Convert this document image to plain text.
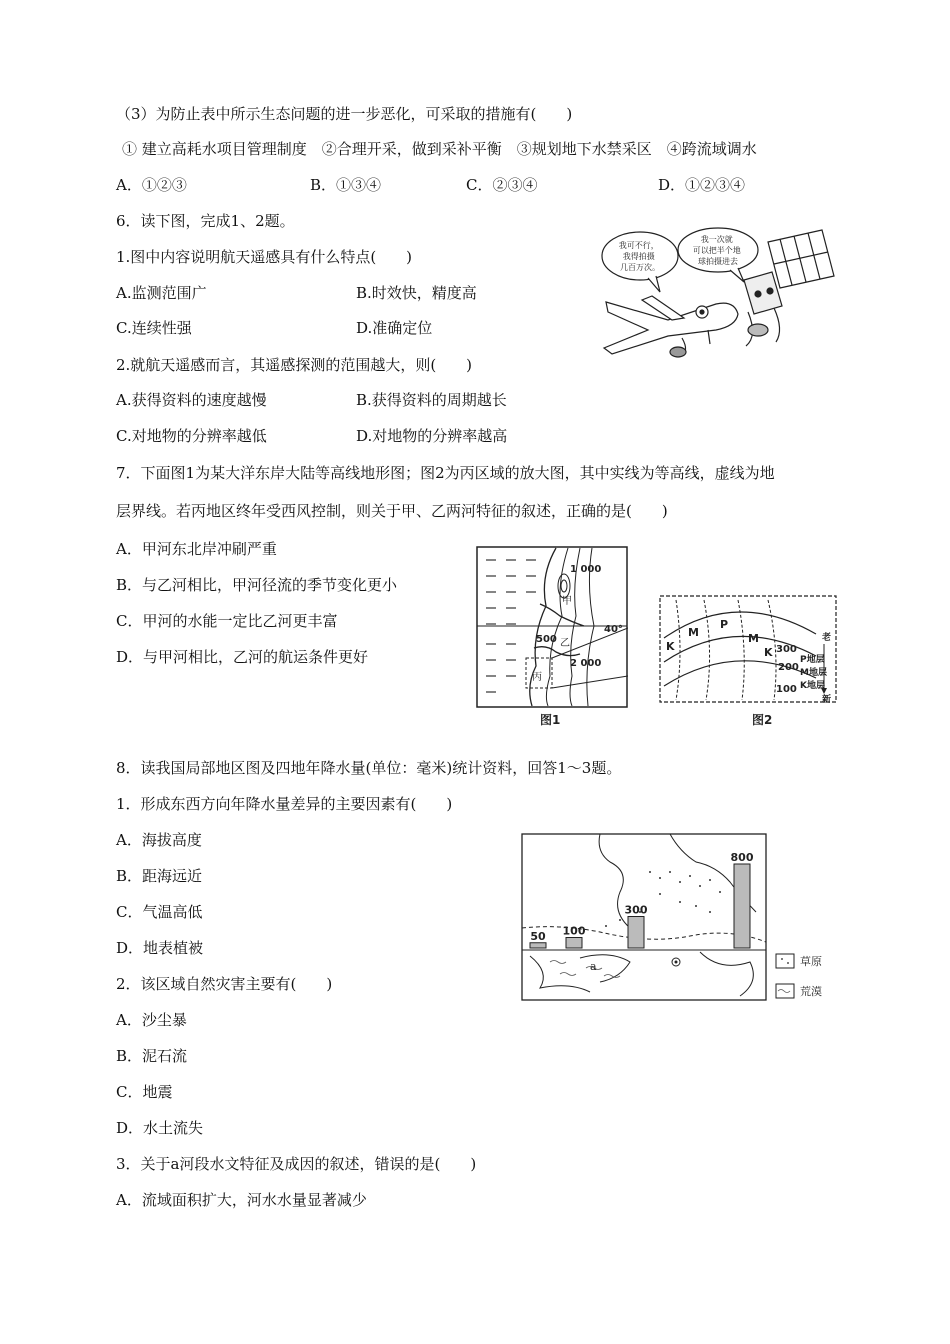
（3）为防止表中所示生态问题的进一步恶化，可采取的措施有(　　)
① 建立高耗水项目管理制度　②合理开采，做到采补平衡　③规划地下水禁采区　④跨流域调水
A．①②③	B．①③④	C．②③④	D．①②③④
6．读下图，完成1、2题。
1.图中内容说明航天遥感具有什么特点(　　)
A.监测范围广	B.时效快，精度高
C.连续性强	D.准确定位
2.就航天遥感而言，其遥感探测的范围越大，则(　　)
A.获得资料的速度越慢	B.获得资料的周期越长
C.对地物的分辨率越低	D.对地物的分辨率越高
我可不行， 我得拍摄 几百万次。
我一次就 可以把半个地 球拍摄进去
7．下面图1为某大洋东岸大陆等高线地形图；图2为丙区域的放大图，其中实线为等高线，虚线为地
层界线。若丙地区终年受西风控制，则关于甲、乙两河特征的叙述，正确的是(　　)
A．甲河东北岸冲刷严重
B．与乙河相比，甲河径流的季节变化更小
C．甲河的水能一定比乙河更丰富
D．与甲河相比，乙河的航运条件更好
1 000
500
2 000
甲
乙
丙
40°
图1
K
M
P
M
K 300
200
100
老
新
P地层
M地层
K地层
图2
8．读我国局部地区图及四地年降水量(单位：毫米)统计资料，回答1～3题。
1．形成东西方向年降水量差异的主要因素有(　　)
A．海拔高度
B．距海远近
C．气温高低
D．地表植被
2．该区域自然灾害主要有(　　)
A．沙尘暴
B．泥石流
C．地震
D．水土流失
3．关于a河段水文特征及成因的叙述，错误的是(　　)
A．流域面积扩大，河水水量显著减少
a
50 100
300
800
草原
荒漠
